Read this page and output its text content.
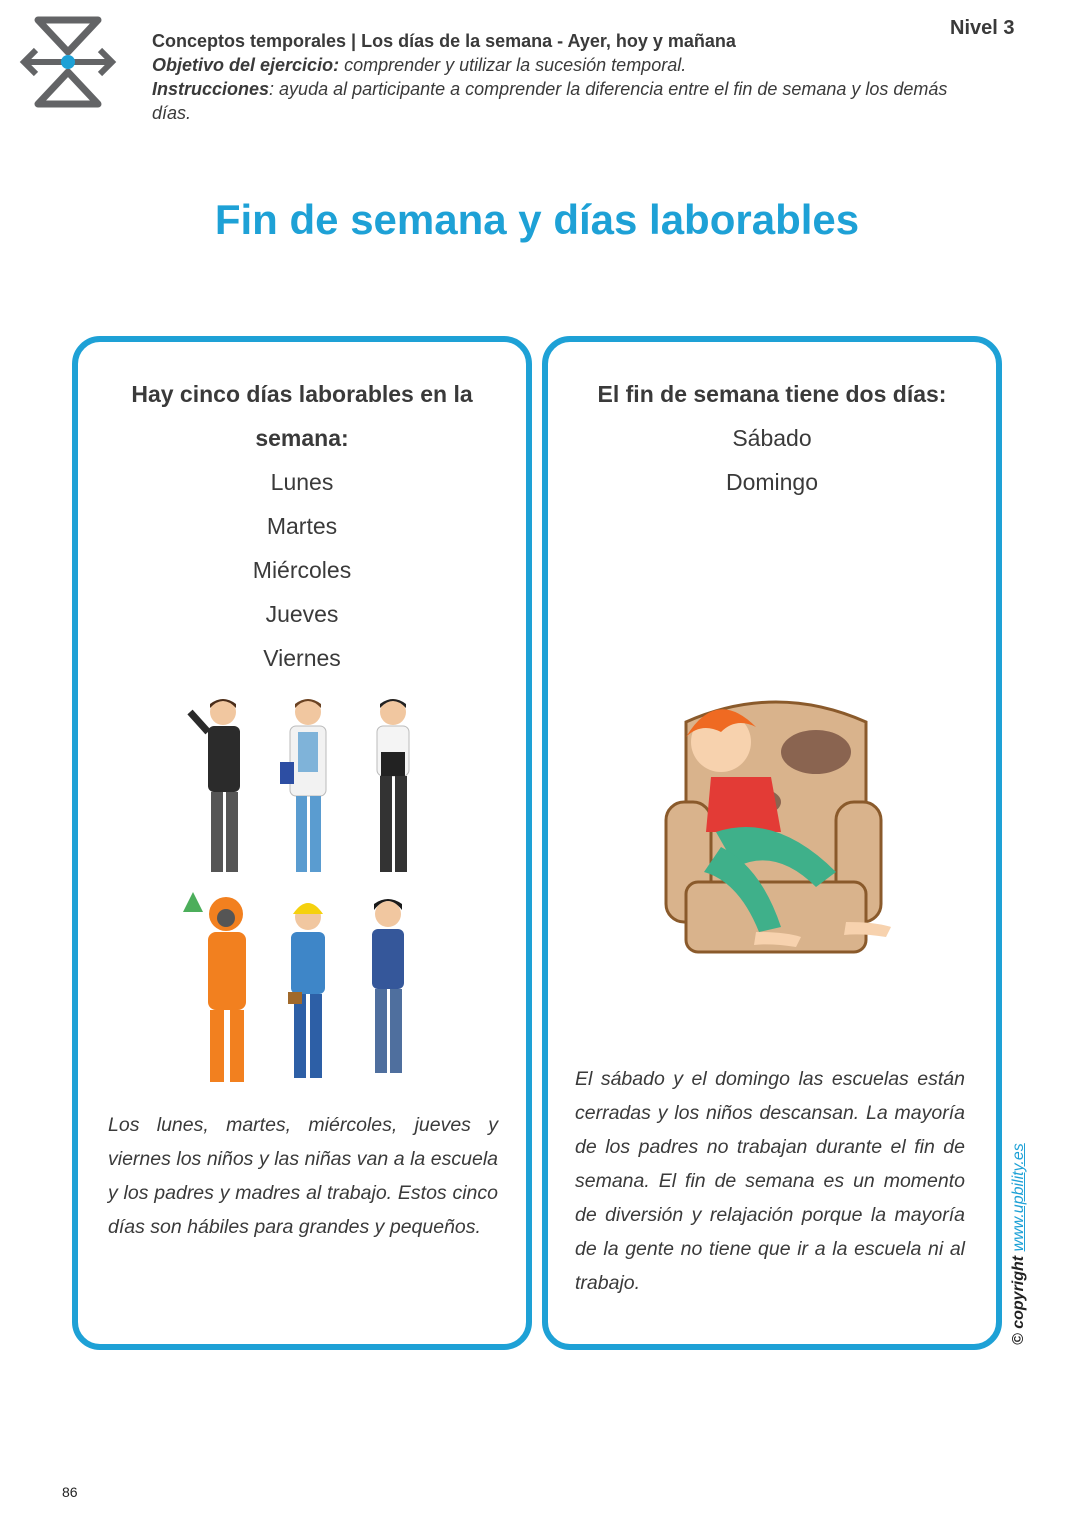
Conceptos temporales | Los días de la semana - Ayer, hoy y mañana
Objetivo del ejercicio: comprender y utilizar la sucesión temporal.
Instrucciones: ayuda al participante a comprender la diferencia entre el fin de semana y los demás días.
Nivel 3
Fin de semana y días laborables
Hay cinco días laborables en la semana:
Lunes
Martes
Miércoles
Jueves
Viernes
Los lunes, martes, miércoles, jueves y viernes los niños y las niñas van a la escuela y los padres y madres al trabajo. Estos cinco días son hábiles para grandes y pequeños.
El fin de semana tiene dos días:
Sábado
Domingo
El sábado y el domingo las escuelas están cerradas y los niños descansan. La mayoría de los padres no trabajan durante el fin de semana. El fin de semana es un momento de diversión y relajación porque la mayoría de la gente no tiene que ir a la escuela ni al trabajo.	© copyright www.upbility.es
86
